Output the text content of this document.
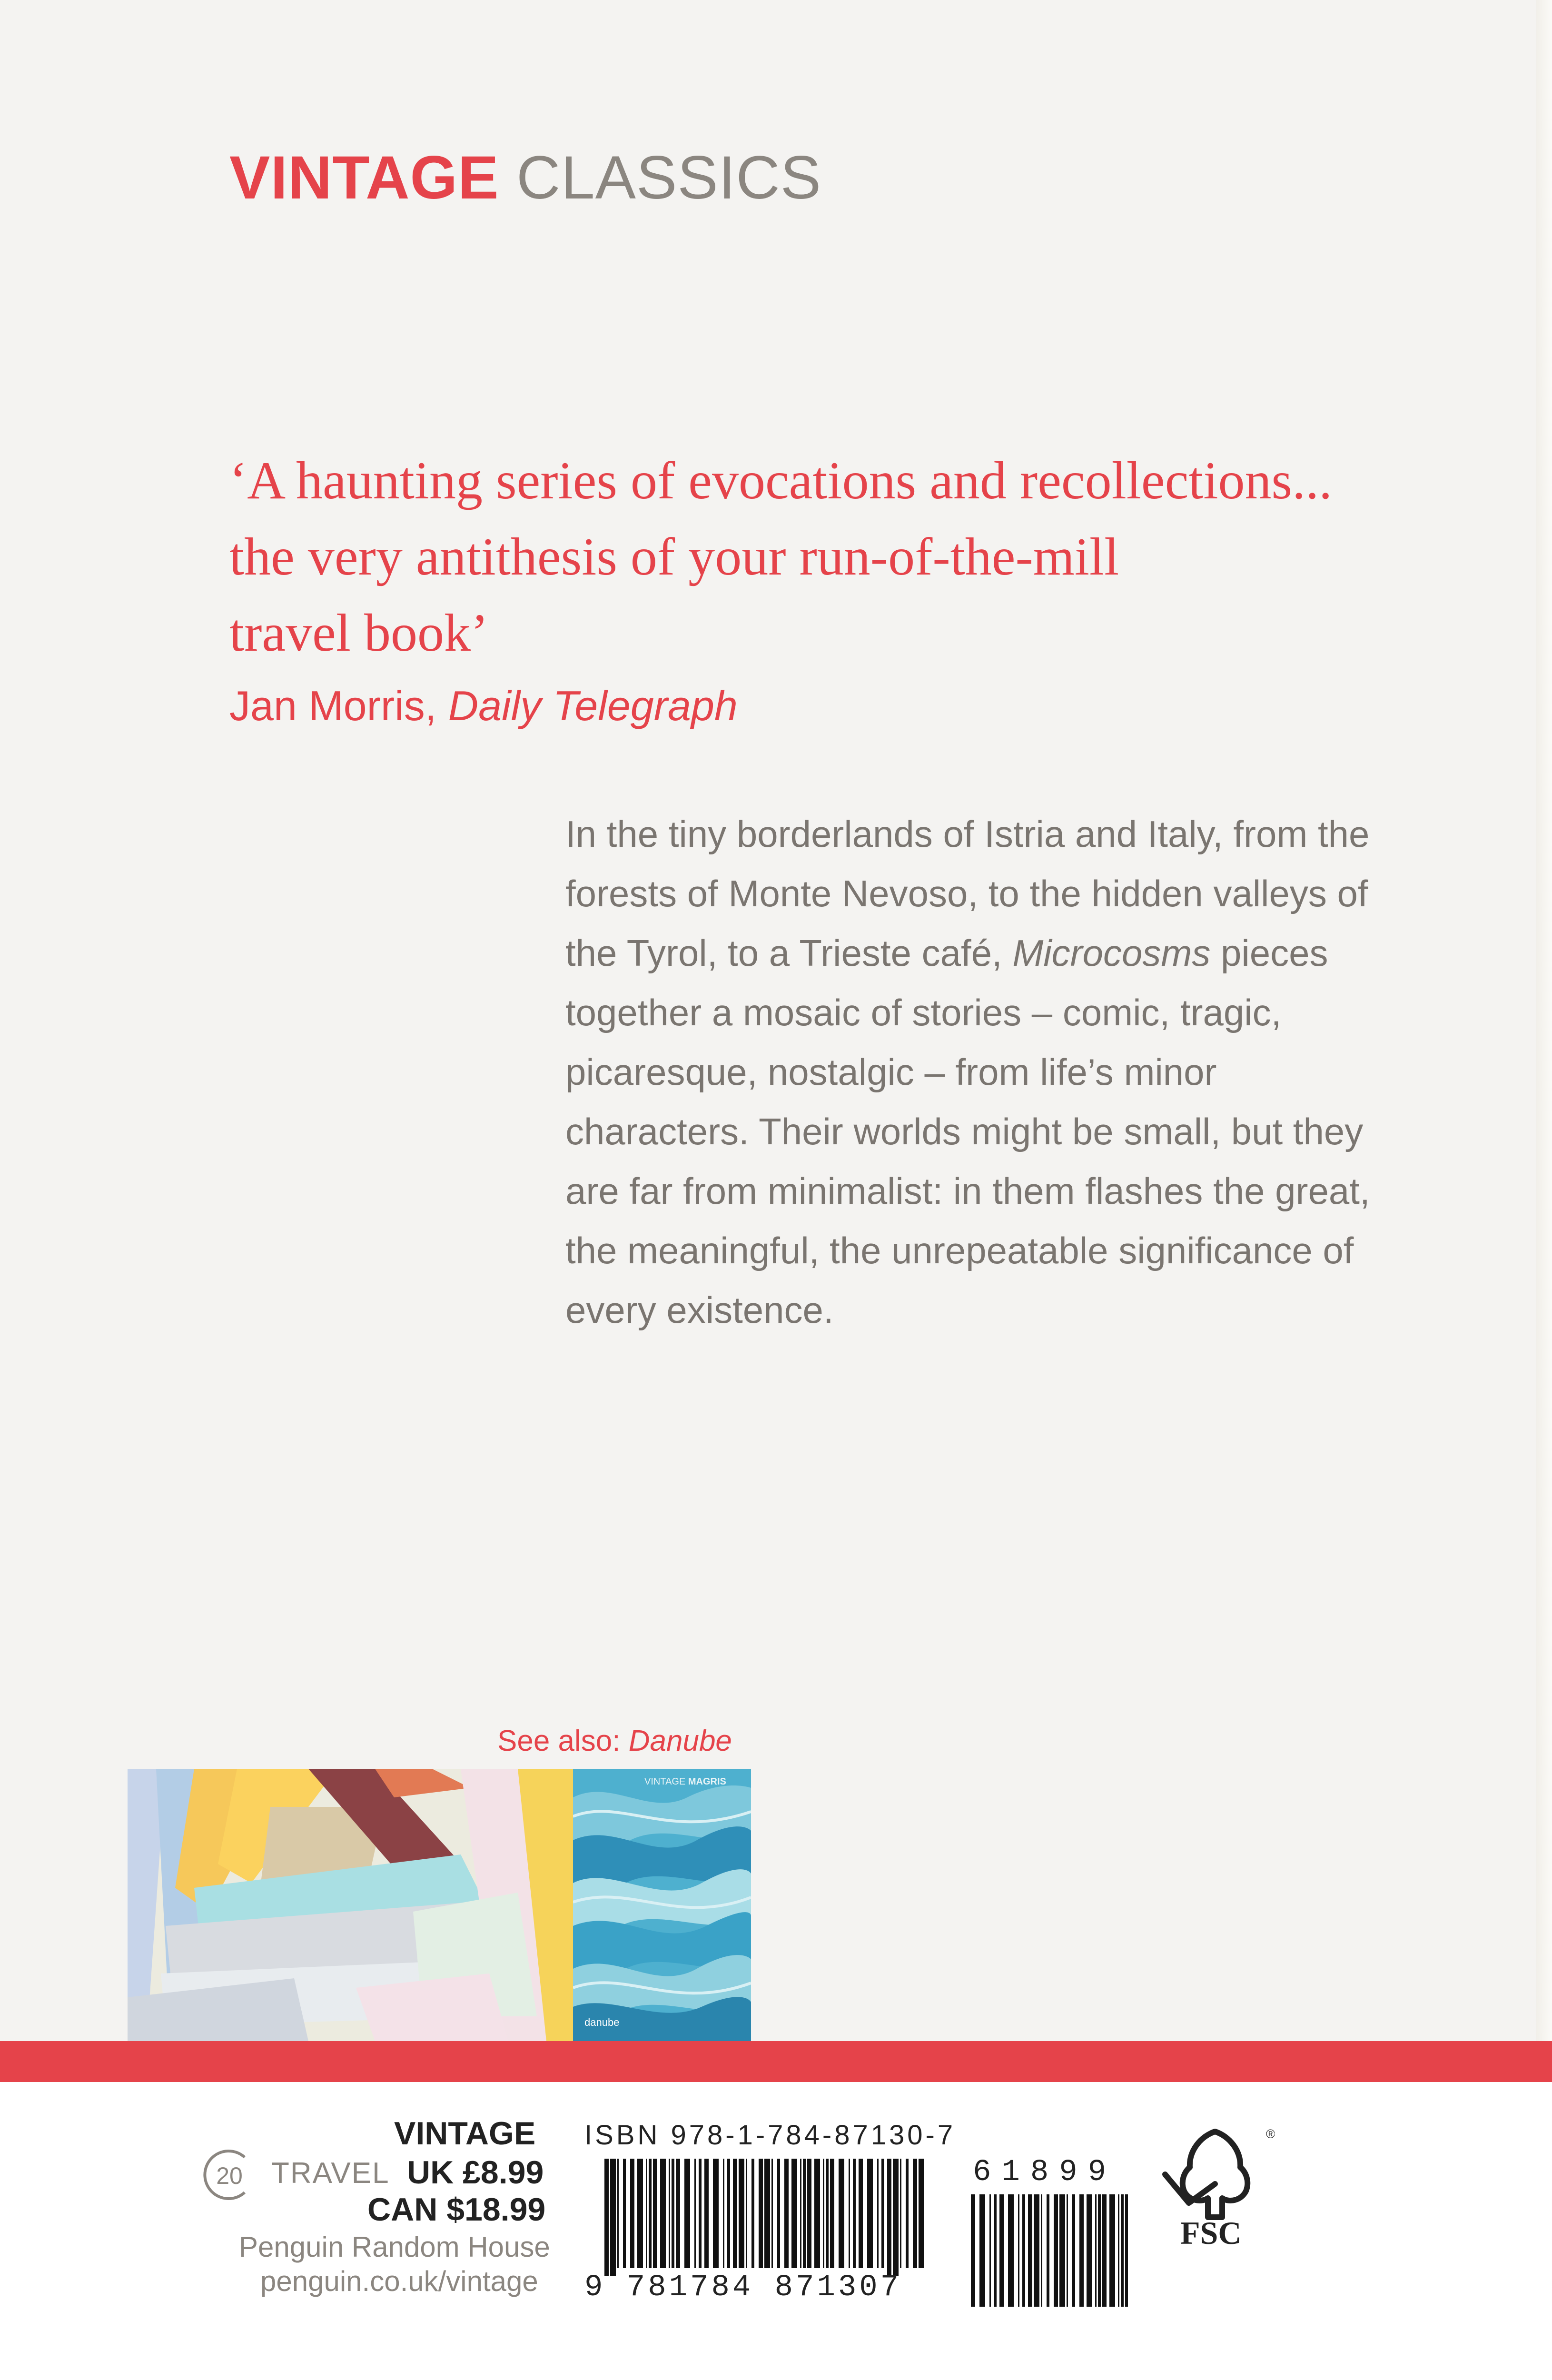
VINTAGE CLASSICS
‘A haunting series of evocations and recollections...
the very antithesis of your run-of-the-mill
travel book’
Jan Morris, Daily Telegraph
In the tiny borderlands of Istria and Italy, from the
forests of Monte Nevoso, to the hidden valleys of
the Tyrol, to a Trieste café, Microcosms pieces
together a mosaic of stories – comic, tragic,
picaresque, nostalgic – from life’s minor
characters. Their worlds might be small, but they
are far from minimalist: in them flashes the great,
the meaningful, the unrepeatable significance of
every existence.
See also: Danube
VINTAGE MAGRIS
danube
VINTAGE
20 TRAVEL UK £8.99
CAN $18.99
Penguin Random House
penguin.co.uk/vintage
ISBN 978-1-784-87130-7
9 781784 871307
61899
®
FSC
